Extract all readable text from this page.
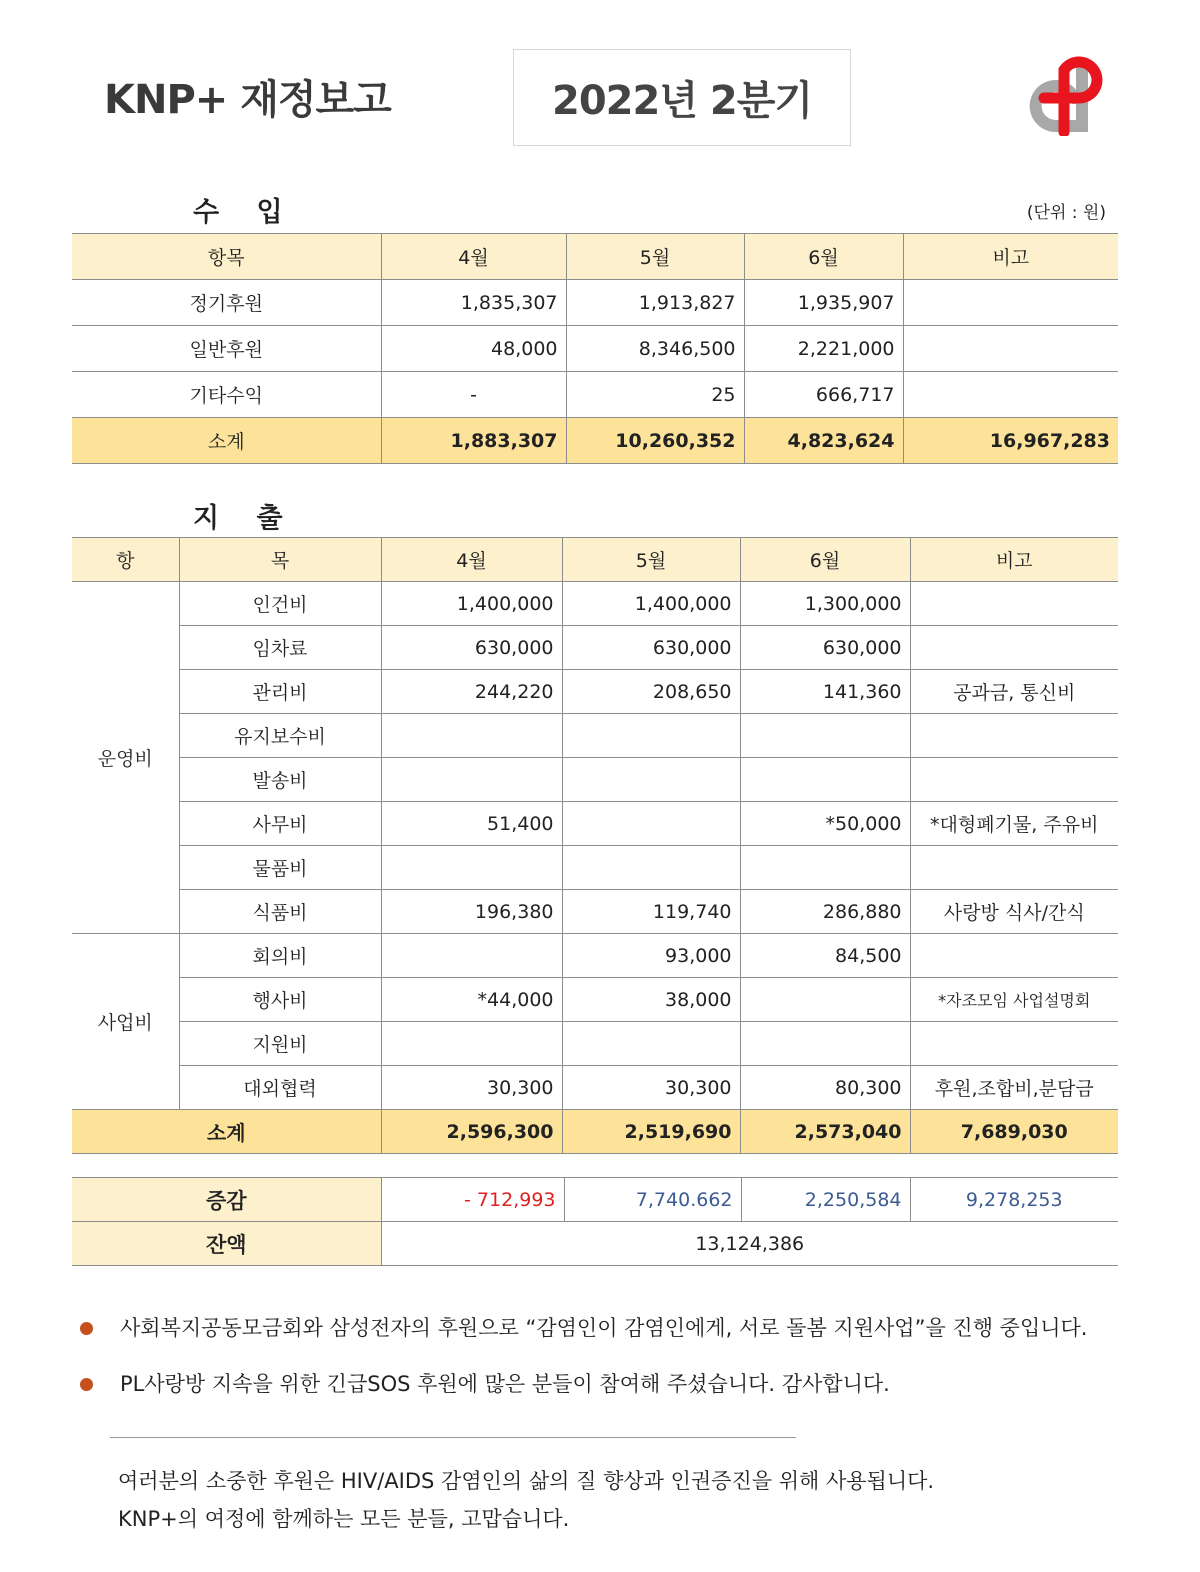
KNP+ 재정보고	2022년 2분기
수 입	(단위 : 원)
항목	4월	5월	6월	비고
정기후원	1,835,307	1,913,827	1,935,907	
일반후원	48,000	8,346,500	2,221,000	
기타수익	-	25	666,717	
소계	1,883,307	10,260,352	4,823,624	16,967,283
지 출
항	목	4월	5월	6월	비고
운영비	인건비	1,400,000	1,400,000	1,300,000	
	임차료	630,000	630,000	630,000	
	관리비	244,220	208,650	141,360	공과금, 통신비
	유지보수비				
	발송비				
	사무비	51,400		*50,000	*대형폐기물, 주유비
	물품비				
	식품비	196,380	119,740	286,880	사랑방 식사/간식
사업비	회의비		93,000	84,500	
	행사비	*44,000	38,000		*자조모임 사업설명회
	지원비				
	대외협력	30,300	30,300	80,300	후원,조합비,분담금
소계		2,596,300	2,519,690	2,573,040	7,689,030
증감	- 712,993	7,740.662	2,250,584	9,278,253
잔액	13,124,386			
사회복지공동모금회와 삼성전자의 후원으로 “감염인이 감염인에게, 서로 돌봄 지원사업”을 진행 중입니다.
PL사랑방 지속을 위한 긴급SOS 후원에 많은 분들이 참여해 주셨습니다. 감사합니다.
여러분의 소중한 후원은 HIV/AIDS 감염인의 삶의 질 향상과 인권증진을 위해 사용됩니다.
KNP+의 여정에 함께하는 모든 분들, 고맙습니다.
